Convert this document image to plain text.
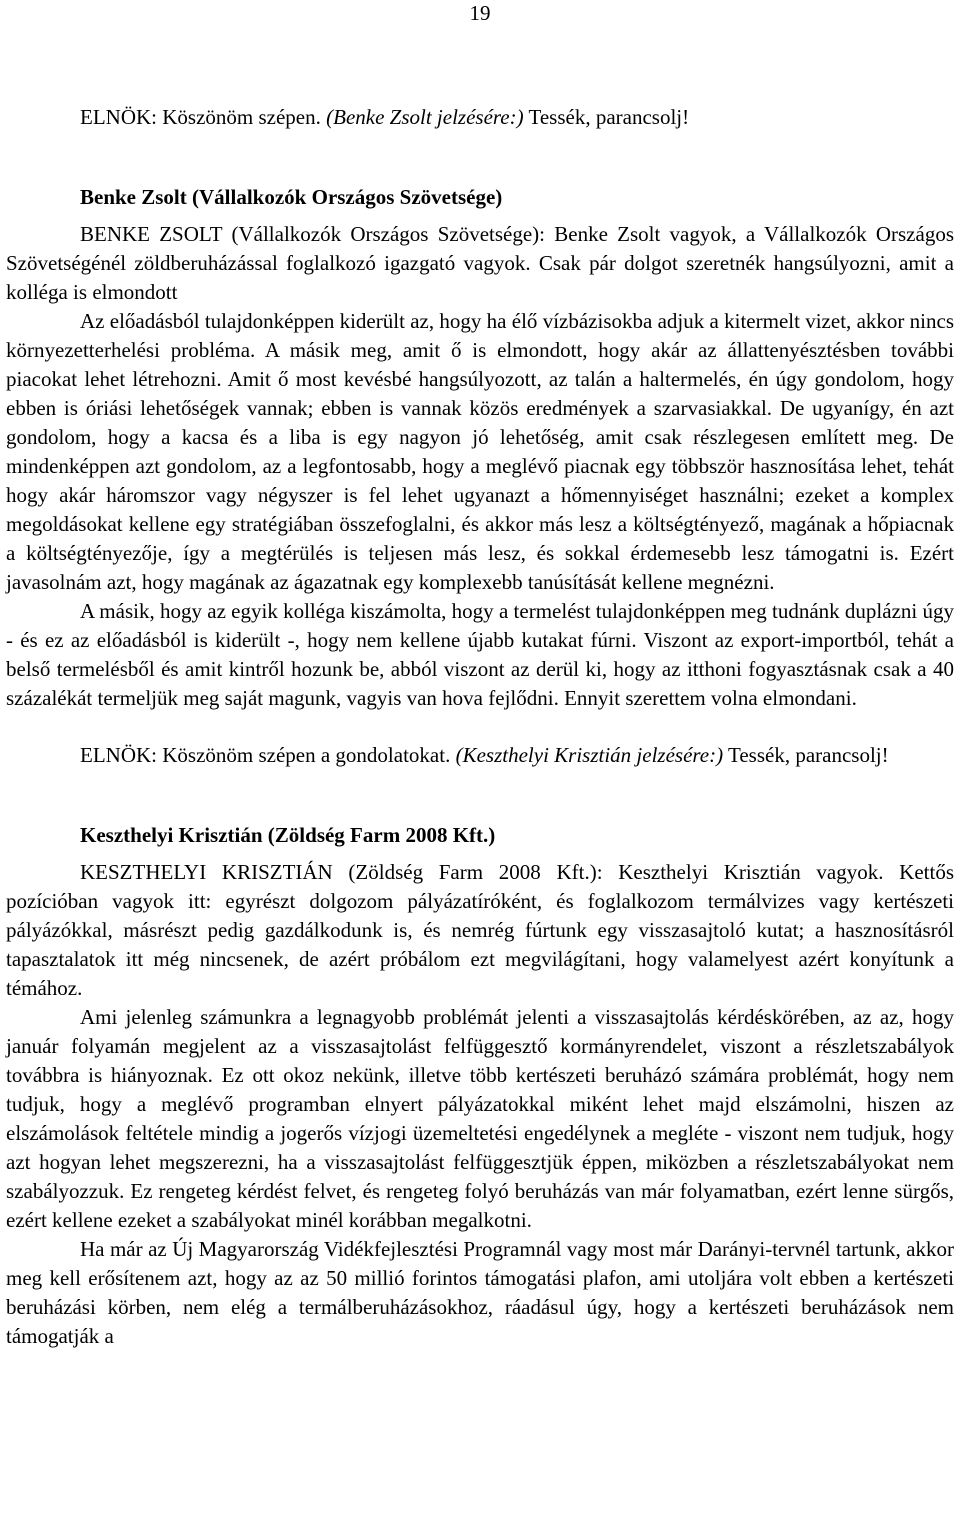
19

ELNÖK: Köszönöm szépen. (Benke Zsolt jelzésére:) Tessék, parancsolj!

Benke Zsolt (Vállalkozók Országos Szövetsége)

BENKE ZSOLT (Vállalkozók Országos Szövetsége): Benke Zsolt vagyok, a Vállalkozók Országos Szövetségénél zöldberuházással foglalkozó igazgató vagyok. Csak pár dolgot szeretnék hangsúlyozni, amit a kolléga is elmondott

Az előadásból tulajdonképpen kiderült az, hogy ha élő vízbázisokba adjuk a kitermelt vizet, akkor nincs környezetterhelési probléma. A másik meg, amit ő is elmondott, hogy akár az állattenyésztésben további piacokat lehet létrehozni. Amit ő most kevésbé hangsúlyozott, az talán a haltermelés, én úgy gondolom, hogy ebben is óriási lehetőségek vannak; ebben is vannak közös eredmények a szarvasiakkal. De ugyanígy, én azt gondolom, hogy a kacsa és a liba is egy nagyon jó lehetőség, amit csak részlegesen említett meg. De mindenképpen azt gondolom, az a legfontosabb, hogy a meglévő piacnak egy többször hasznosítása lehet, tehát hogy akár háromszor vagy négyszer is fel lehet ugyanazt a hőmennyiséget használni; ezeket a komplex megoldásokat kellene egy stratégiában összefoglalni, és akkor más lesz a költségtényező, magának a hőpiacnak a költségtényezője, így a megtérülés is teljesen más lesz, és sokkal érdemesebb lesz támogatni is. Ezért javasolnám azt, hogy magának az ágazatnak egy komplexebb tanúsítását kellene megnézni.

A másik, hogy az egyik kolléga kiszámolta, hogy a termelést tulajdonképpen meg tudnánk duplázni úgy - és ez az előadásból is kiderült -, hogy nem kellene újabb kutakat fúrni. Viszont az export-importból, tehát a belső termelésből és amit kintről hozunk be, abból viszont az derül ki, hogy az itthoni fogyasztásnak csak a 40 százalékát termeljük meg saját magunk, vagyis van hova fejlődni. Ennyit szerettem volna elmondani.

ELNÖK: Köszönöm szépen a gondolatokat. (Keszthelyi Krisztián jelzésére:) Tessék, parancsolj!

Keszthelyi Krisztián (Zöldség Farm 2008 Kft.)

KESZTHELYI KRISZTIÁN (Zöldség Farm 2008 Kft.): Keszthelyi Krisztián vagyok. Kettős pozícióban vagyok itt: egyrészt dolgozom pályázatíróként, és foglalkozom termálvizes vagy kertészeti pályázókkal, másrészt pedig gazdálkodunk is, és nemrég fúrtunk egy visszasajtoló kutat; a hasznosításról tapasztalatok itt még nincsenek, de azért próbálom ezt megvilágítani, hogy valamelyest azért konyítunk a témához.

Ami jelenleg számunkra a legnagyobb problémát jelenti a visszasajtolás kérdéskörében, az az, hogy január folyamán megjelent az a visszasajtolást felfüggesztő kormányrendelet, viszont a részletszabályok továbbra is hiányoznak. Ez ott okoz nekünk, illetve több kertészeti beruházó számára problémát, hogy nem tudjuk, hogy a meglévő programban elnyert pályázatokkal miként lehet majd elszámolni, hiszen az elszámolások feltétele mindig a jogerős vízjogi üzemeltetési engedélynek a megléte - viszont nem tudjuk, hogy azt hogyan lehet megszerezni, ha a visszasajtolást felfüggesztjük éppen, miközben a részletszabályokat nem szabályozzuk. Ez rengeteg kérdést felvet, és rengeteg folyó beruházás van már folyamatban, ezért lenne sürgős, ezért kellene ezeket a szabályokat minél korábban megalkotni.

Ha már az Új Magyarország Vidékfejlesztési Programnál vagy most már Darányi-tervnél tartunk, akkor meg kell erősítenem azt, hogy az az 50 millió forintos támogatási plafon, ami utoljára volt ebben a kertészeti beruházási körben, nem elég a termálberuházásokhoz, ráadásul úgy, hogy a kertészeti beruházások nem támogatják a
